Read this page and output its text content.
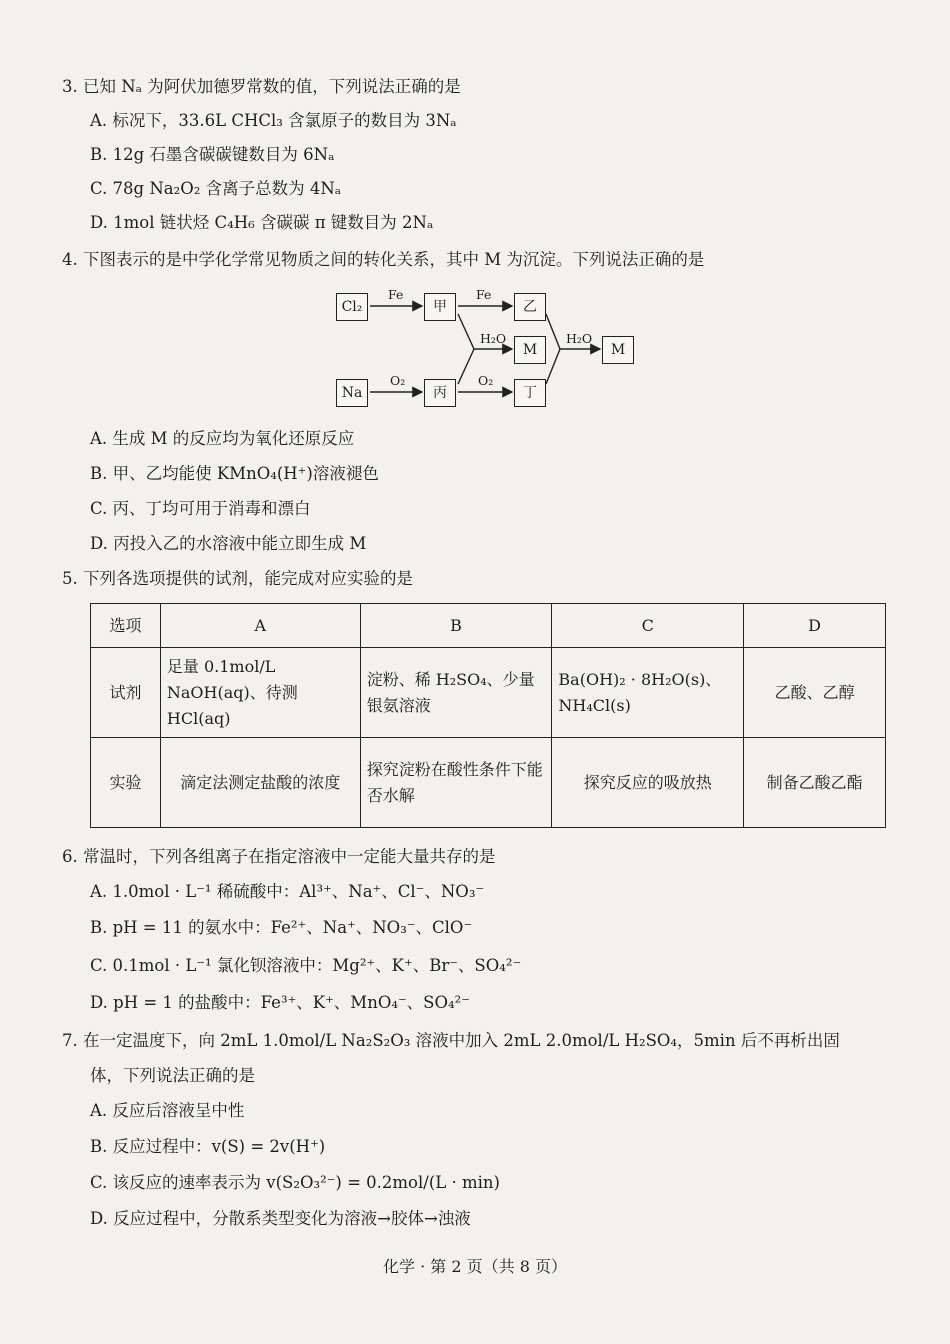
3. 已知 Nₐ 为阿伏加德罗常数的值，下列说法正确的是
A. 标况下，33.6L CHCl₃ 含氯原子的数目为 3Nₐ
B. 12g 石墨含碳碳键数目为 6Nₐ
C. 78g Na₂O₂ 含离子总数为 4Nₐ
D. 1mol 链状烃 C₄H₆ 含碳碳 π 键数目为 2Nₐ
4. 下图表示的是中学化学常见物质之间的转化关系，其中 M 为沉淀。下列说法正确的是
Cl₂	甲	乙
M	M
Na	丙	丁
Fe	Fe
H₂O	H₂O
O₂	O₂
A. 生成 M 的反应均为氧化还原反应
B. 甲、乙均能使 KMnO₄(H⁺)溶液褪色
C. 丙、丁均可用于消毒和漂白
D. 丙投入乙的水溶液中能立即生成 M
5. 下列各选项提供的试剂，能完成对应实验的是
选项	A	B	C	D
试剂	足量 0.1mol/L NaOH(aq)、待测 HCl(aq)	淀粉、稀 H₂SO₄、少量银氨溶液	Ba(OH)₂ · 8H₂O(s)、NH₄Cl(s)	乙酸、乙醇
实验	滴定法测定盐酸的浓度	探究淀粉在酸性条件下能否水解	探究反应的吸放热	制备乙酸乙酯
6. 常温时，下列各组离子在指定溶液中一定能大量共存的是
A. 1.0mol · L⁻¹ 稀硫酸中：Al³⁺、Na⁺、Cl⁻、NO₃⁻
B. pH = 11 的氨水中：Fe²⁺、Na⁺、NO₃⁻、ClO⁻
C. 0.1mol · L⁻¹ 氯化钡溶液中：Mg²⁺、K⁺、Br⁻、SO₄²⁻
D. pH = 1 的盐酸中：Fe³⁺、K⁺、MnO₄⁻、SO₄²⁻
7. 在一定温度下，向 2mL 1.0mol/L Na₂S₂O₃ 溶液中加入 2mL 2.0mol/L H₂SO₄，5min 后不再析出固
体，下列说法正确的是
A. 反应后溶液呈中性
B. 反应过程中：v(S) = 2v(H⁺)
C. 该反应的速率表示为 v(S₂O₃²⁻) = 0.2mol/(L · min)
D. 反应过程中，分散系类型变化为溶液→胶体→浊液
化学 · 第 2 页（共 8 页）
